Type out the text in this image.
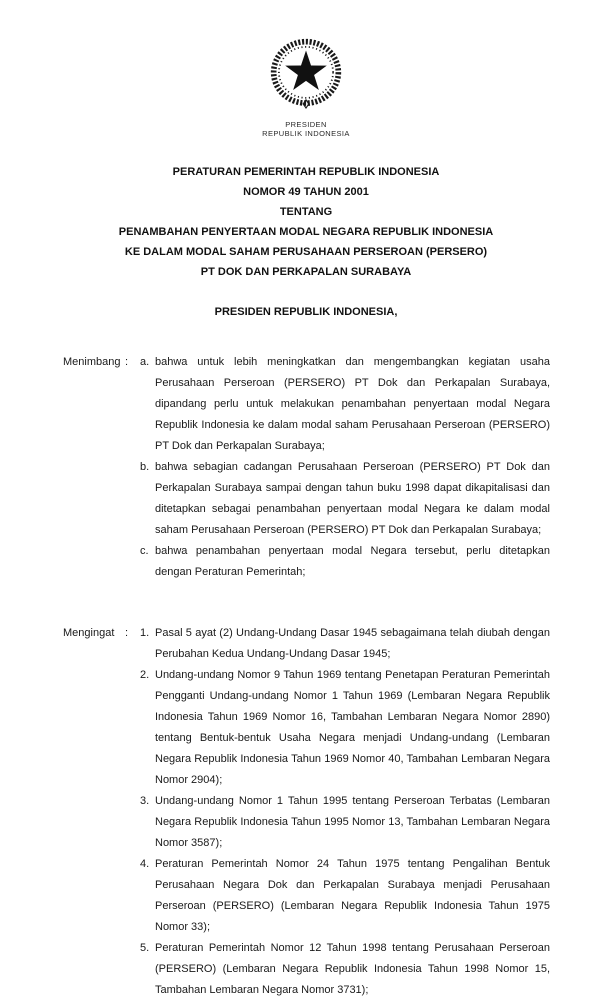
PRESIDEN
REPUBLIK INDONESIA
PERATURAN PEMERINTAH REPUBLIK INDONESIA
NOMOR 49 TAHUN 2001
TENTANG
PENAMBAHAN PENYERTAAN MODAL NEGARA REPUBLIK INDONESIA
KE DALAM MODAL SAHAM PERUSAHAAN PERSEROAN (PERSERO)
PT DOK DAN PERKAPALAN SURABAYA
PRESIDEN REPUBLIK INDONESIA,
Menimbang :	a. bahwa untuk lebih meningkatkan dan mengembangkan kegiatan usaha Perusahaan Perseroan (PERSERO) PT Dok dan Perkapalan Surabaya, dipandang perlu untuk melakukan penambahan penyertaan modal Negara Republik Indonesia ke dalam modal saham Perusahaan Perseroan (PERSERO) PT Dok dan Perkapalan Surabaya;
b. bahwa sebagian cadangan Perusahaan Perseroan (PERSERO) PT Dok dan Perkapalan Surabaya sampai dengan tahun buku 1998 dapat dikapitalisasi dan ditetapkan sebagai penambahan penyertaan modal Negara ke dalam modal saham Perusahaan Perseroan (PERSERO) PT Dok dan Perkapalan Surabaya;
c. bahwa penambahan penyertaan modal Negara tersebut, perlu ditetapkan dengan Peraturan Pemerintah;
Mengingat :	1. Pasal 5 ayat (2) Undang-Undang Dasar 1945 sebagaimana telah diubah dengan Perubahan Kedua Undang-Undang Dasar 1945;
2. Undang-undang Nomor 9 Tahun 1969 tentang Penetapan Peraturan Pemerintah Pengganti Undang-undang Nomor 1 Tahun 1969 (Lembaran Negara Republik Indonesia Tahun 1969 Nomor 16, Tambahan Lembaran Negara Nomor 2890) tentang Bentuk-bentuk Usaha Negara menjadi Undang-undang (Lembaran Negara Republik Indonesia Tahun 1969 Nomor 40, Tambahan Lembaran Negara Nomor 2904);
3. Undang-undang Nomor 1 Tahun 1995 tentang Perseroan Terbatas (Lembaran Negara Republik Indonesia Tahun 1995 Nomor 13, Tambahan Lembaran Negara Nomor 3587);
4. Peraturan Pemerintah Nomor 24 Tahun 1975 tentang Pengalihan Bentuk Perusahaan Negara Dok dan Perkapalan Surabaya menjadi Perusahaan Perseroan (PERSERO) (Lembaran Negara Republik Indonesia Tahun 1975 Nomor 33);
5. Peraturan Pemerintah Nomor 12 Tahun 1998 tentang Perusahaan Perseroan (PERSERO) (Lembaran Negara Republik Indonesia Tahun 1998 Nomor 15, Tambahan Lembaran Negara Nomor 3731);
